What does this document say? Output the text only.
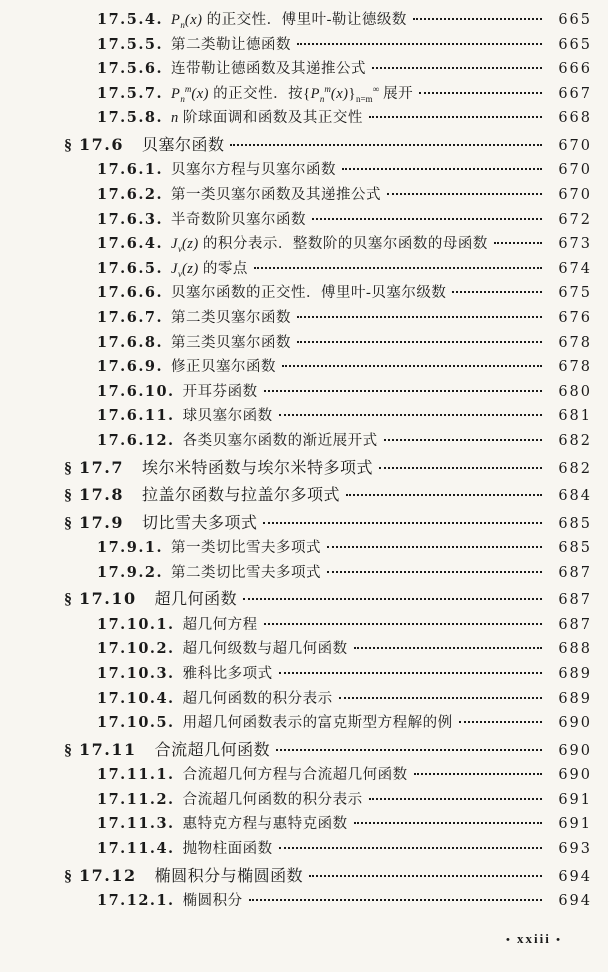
17.5.4. $P_n(x)$ 的正交性．傅里叶-勒让德级数	665
17.5.5. 第二类勒让德函数	665
17.5.6. 连带勒让德函数及其递推公式	666
17.5.7. $P_n^m(x)$ 的正交性．按$\{P_n^m(x)\}_{n=m}^\infty$ 展开	667
17.5.8. n 阶球面调和函数及其正交性	668
§ 17.6 贝塞尔函数	670
17.6.1. 贝塞尔方程与贝塞尔函数	670
17.6.2. 第一类贝塞尔函数及其递推公式	670
17.6.3. 半奇数阶贝塞尔函数	672
17.6.4. $J_\nu(z)$ 的积分表示．整数阶的贝塞尔函数的母函数	673
17.6.5. $J_\nu(z)$ 的零点	674
17.6.6. 贝塞尔函数的正交性．傅里叶-贝塞尔级数	675
17.6.7. 第二类贝塞尔函数	676
17.6.8. 第三类贝塞尔函数	678
17.6.9. 修正贝塞尔函数	678
17.6.10. 开耳芬函数	680
17.6.11. 球贝塞尔函数	681
17.6.12. 各类贝塞尔函数的渐近展开式	682
§ 17.7 埃尔米特函数与埃尔米特多项式	682
§ 17.8 拉盖尔函数与拉盖尔多项式	684
§ 17.9 切比雪夫多项式	685
17.9.1. 第一类切比雪夫多项式	685
17.9.2. 第二类切比雪夫多项式	687
§ 17.10 超几何函数	687
17.10.1. 超几何方程	687
17.10.2. 超几何级数与超几何函数	688
17.10.3. 雅科比多项式	689
17.10.4. 超几何函数的积分表示	689
17.10.5. 用超几何函数表示的富克斯型方程解的例	690
§ 17.11 合流超几何函数	690
17.11.1. 合流超几何方程与合流超几何函数	690
17.11.2. 合流超几何函数的积分表示	691
17.11.3. 惠特克方程与惠特克函数	691
17.11.4. 抛物柱面函数	693
§ 17.12 椭圆积分与椭圆函数	694
17.12.1. 椭圆积分	694
• xxiii •
